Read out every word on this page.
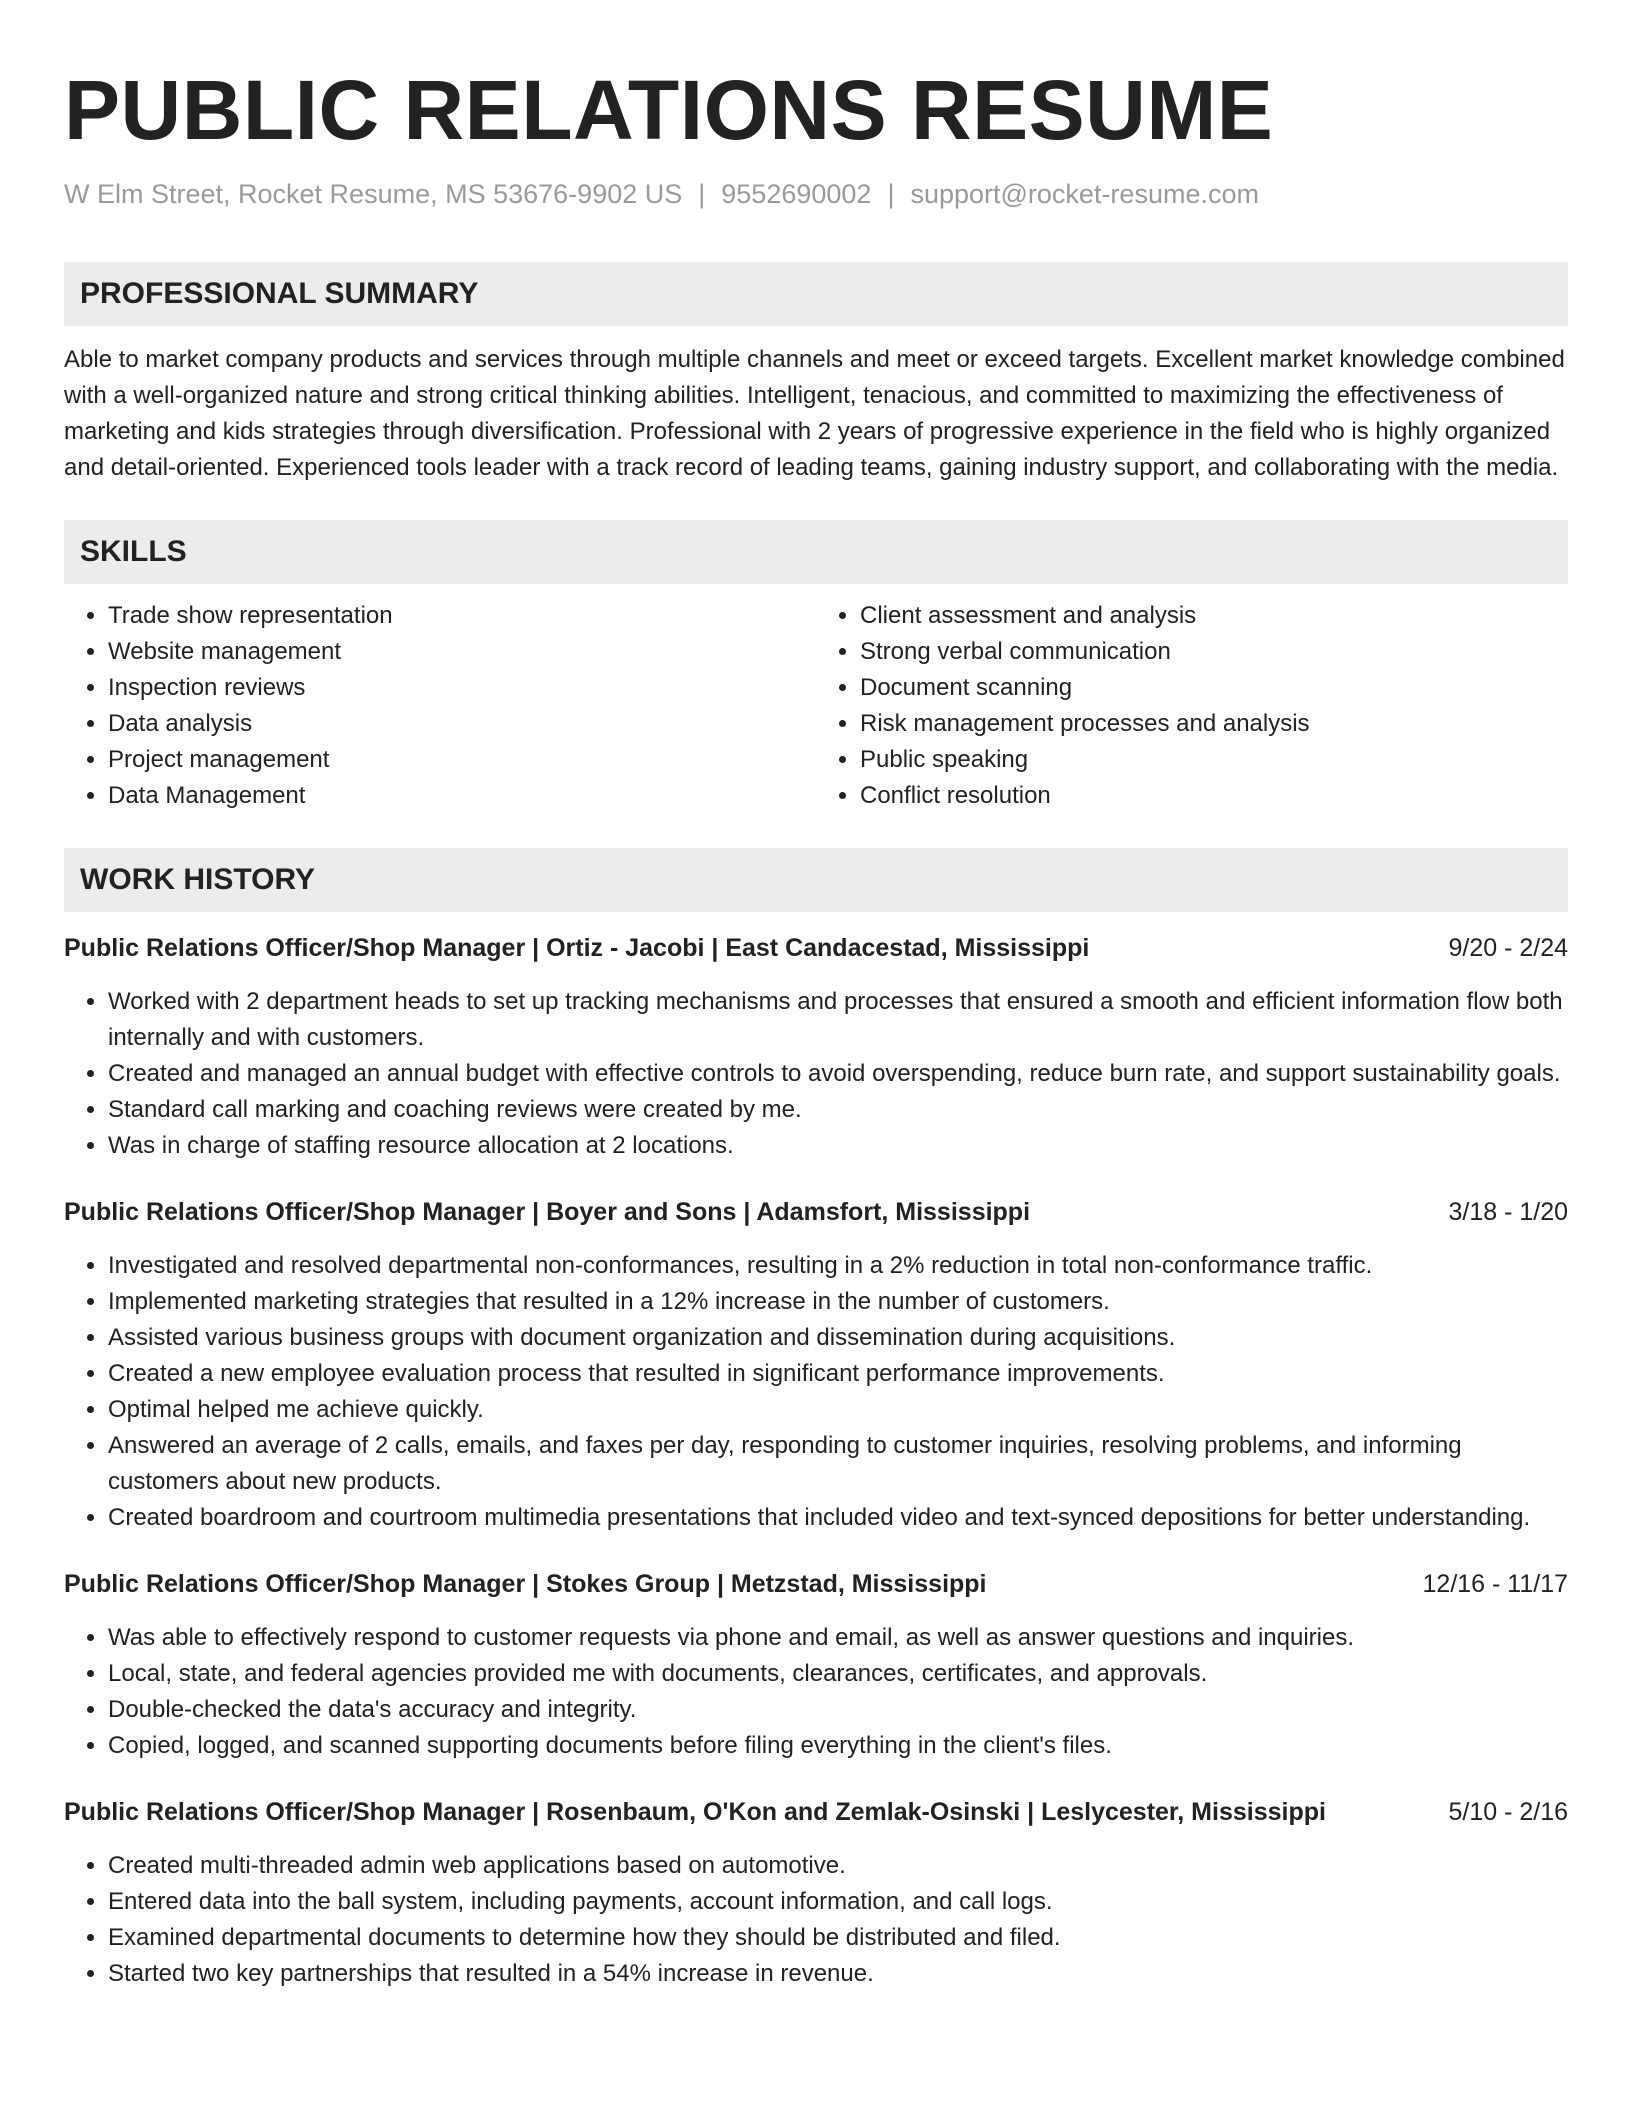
PUBLIC RELATIONS RESUME
W Elm Street, Rocket Resume, MS 53676-9902 US | 9552690002 | support@rocket-resume.com
PROFESSIONAL SUMMARY

Able to market company products and services through multiple channels and meet or exceed targets. Excellent market knowledge combined with a well-organized nature and strong critical thinking abilities. Intelligent, tenacious, and committed to maximizing the effectiveness of marketing and kids strategies through diversification. Professional with 2 years of progressive experience in the field who is highly organized and detail-oriented. Experienced tools leader with a track record of leading teams, gaining industry support, and collaborating with the media.

SKILLS
• Trade show representation
• Website management
• Inspection reviews
• Data analysis
• Project management
• Data Management
• Client assessment and analysis
• Strong verbal communication
• Document scanning
• Risk management processes and analysis
• Public speaking
• Conflict resolution
WORK HISTORY
Public Relations Officer/Shop Manager | Ortiz - Jacobi | East Candacestad, Mississippi	9/20 - 2/24
• Worked with 2 department heads to set up tracking mechanisms and processes that ensured a smooth and efficient information flow both internally and with customers.
• Created and managed an annual budget with effective controls to avoid overspending, reduce burn rate, and support sustainability goals.
• Standard call marking and coaching reviews were created by me.
• Was in charge of staffing resource allocation at 2 locations.
Public Relations Officer/Shop Manager | Boyer and Sons | Adamsfort, Mississippi	3/18 - 1/20
• Investigated and resolved departmental non-conformances, resulting in a 2% reduction in total non-conformance traffic.
• Implemented marketing strategies that resulted in a 12% increase in the number of customers.
• Assisted various business groups with document organization and dissemination during acquisitions.
• Created a new employee evaluation process that resulted in significant performance improvements.
• Optimal helped me achieve quickly.
• Answered an average of 2 calls, emails, and faxes per day, responding to customer inquiries, resolving problems, and informing customers about new products.
• Created boardroom and courtroom multimedia presentations that included video and text-synced depositions for better understanding.
Public Relations Officer/Shop Manager | Stokes Group | Metzstad, Mississippi	12/16 - 11/17
• Was able to effectively respond to customer requests via phone and email, as well as answer questions and inquiries.
• Local, state, and federal agencies provided me with documents, clearances, certificates, and approvals.
• Double-checked the data's accuracy and integrity.
• Copied, logged, and scanned supporting documents before filing everything in the client's files.
Public Relations Officer/Shop Manager | Rosenbaum, O'Kon and Zemlak-Osinski | Leslycester, Mississippi	5/10 - 2/16
• Created multi-threaded admin web applications based on automotive.
• Entered data into the ball system, including payments, account information, and call logs.
• Examined departmental documents to determine how they should be distributed and filed.
• Started two key partnerships that resulted in a 54% increase in revenue.
